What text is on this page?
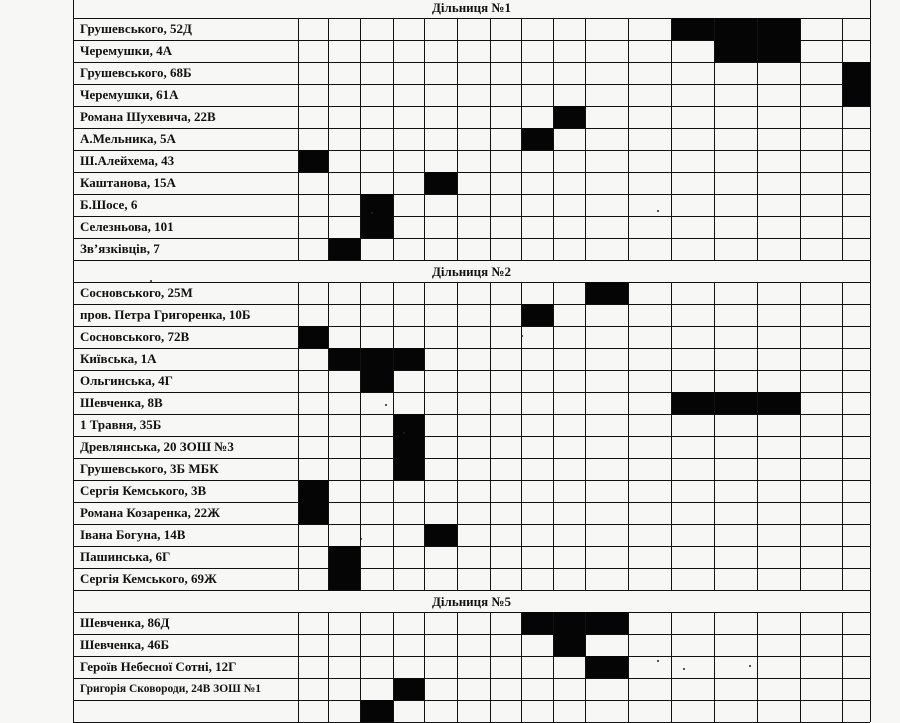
Дільниця №1
Грушевського, 52Д
Черемушки, 4А
Грушевського, 68Б
Черемушки, 61А
Романа Шухевича, 22В
А.Мельника, 5А
Ш.Алейхема, 43
Каштанова, 15А
Б.Шосе, 6
Селезньова, 101
Зв’язківців, 7
Дільниця №2
Сосновського, 25М
пров. Петра Григоренка, 10Б
Сосновського, 72В
Київська, 1А
Ольгинська, 4Г
Шевченка, 8В
1 Травня, 35Б
Древлянська, 20 ЗОШ №3
Грушевського, 3Б МБК
Сергія Кемського, 3В
Романа Козаренка, 22Ж
Івана Богуна, 14В
Пашинська, 6Г
Сергія Кемського, 69Ж
Дільниця №5
Шевченка, 86Д
Шевченка, 46Б
Героїв Небесної Сотні, 12Г
Григорія Сковороди, 24В ЗОШ №1
